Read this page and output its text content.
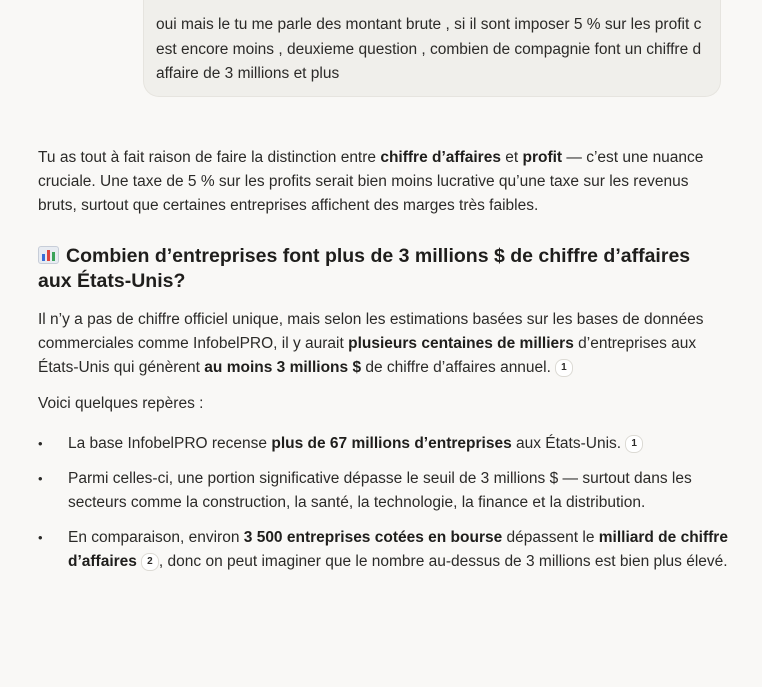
oui mais le tu me parle des montant brute , si il sont imposer 5 % sur les profit c est encore moins , deuxieme question , combien de compagnie font un chiffre d affaire de 3 millions et plus

Tu as tout à fait raison de faire la distinction entre chiffre d’affaires et profit — c’est une nuance cruciale. Une taxe de 5 % sur les profits serait bien moins lucrative qu’une taxe sur les revenus bruts, surtout que certaines entreprises affichent des marges très faibles.

Combien d’entreprises font plus de 3 millions $ de chiffre d’affaires aux États-Unis?

Il n’y a pas de chiffre officiel unique, mais selon les estimations basées sur les bases de données commerciales comme InfobelPRO, il y aurait plusieurs centaines de milliers d’entreprises aux États-Unis qui génèrent au moins 3 millions $ de chiffre d’affaires annuel. 1

Voici quelques repères :

• La base InfobelPRO recense plus de 67 millions d’entreprises aux États-Unis. 1
• Parmi celles-ci, une portion significative dépasse le seuil de 3 millions $ — surtout dans les secteurs comme la construction, la santé, la technologie, la finance et la distribution.
• En comparaison, environ 3 500 entreprises cotées en bourse dépassent le milliard de chiffre d’affaires 2 , donc on peut imaginer que le nombre au-dessus de 3 millions est bien plus élevé.
